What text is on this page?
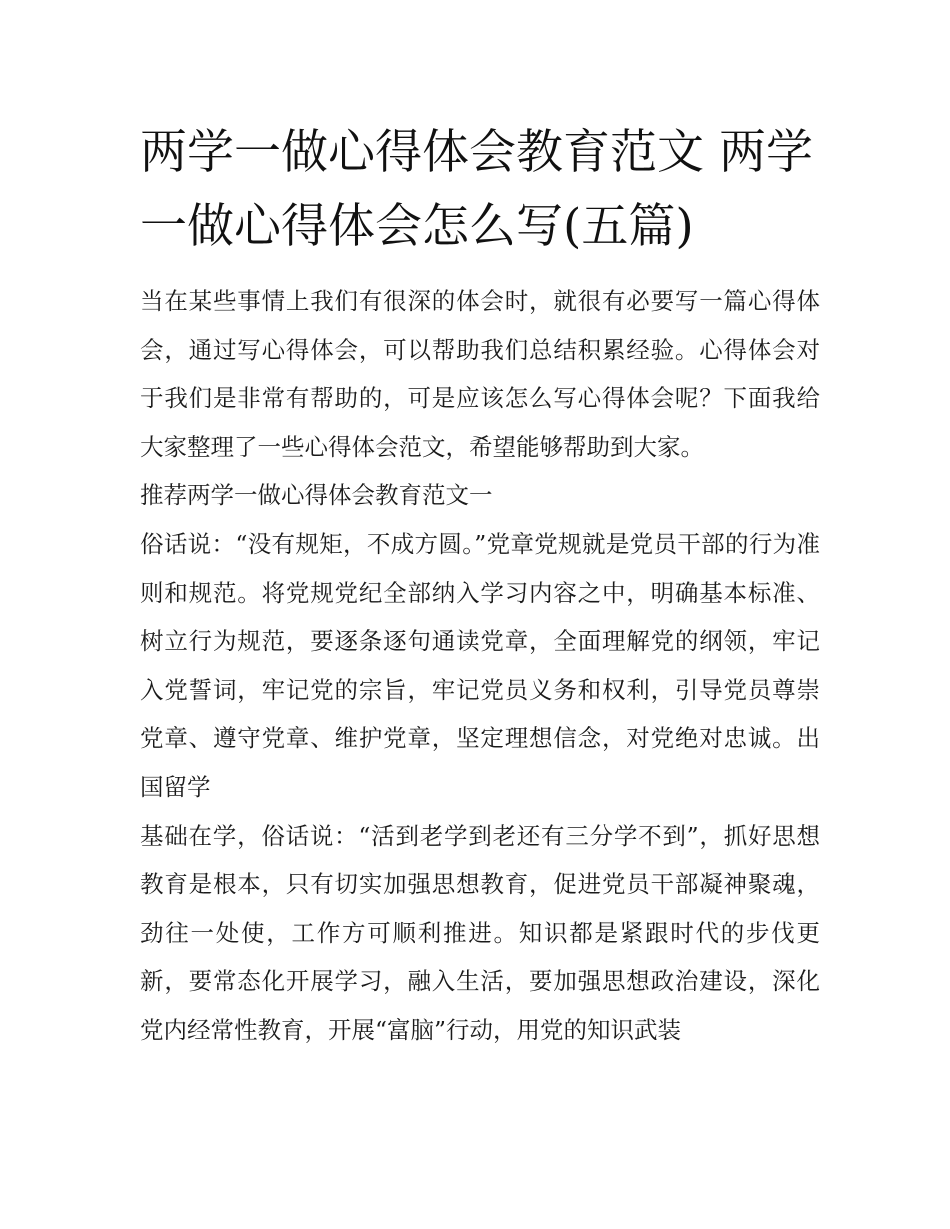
两学一做心得体会教育范文 两学一做心得体会怎么写(五篇)

当在某些事情上我们有很深的体会时，就很有必要写一篇心得体会，通过写心得体会，可以帮助我们总结积累经验。心得体会对于我们是非常有帮助的，可是应该怎么写心得体会呢？下面我给大家整理了一些心得体会范文，希望能够帮助到大家。

推荐两学一做心得体会教育范文一

俗话说：“没有规矩，不成方圆。”党章党规就是党员干部的行为准则和规范。将党规党纪全部纳入学习内容之中，明确基本标准、树立行为规范，要逐条逐句通读党章，全面理解党的纲领，牢记入党誓词，牢记党的宗旨，牢记党员义务和权利，引导党员尊崇党章、遵守党章、维护党章，坚定理想信念，对党绝对忠诚。出国留学

基础在学，俗话说：“活到老学到老还有三分学不到”，抓好思想教育是根本，只有切实加强思想教育，促进党员干部凝神聚魂，劲往一处使，工作方可顺利推进。知识都是紧跟时代的步伐更新，要常态化开展学习，融入生活，要加强思想政治建设，深化党内经常性教育，开展“富脑”行动，用党的知识武装
